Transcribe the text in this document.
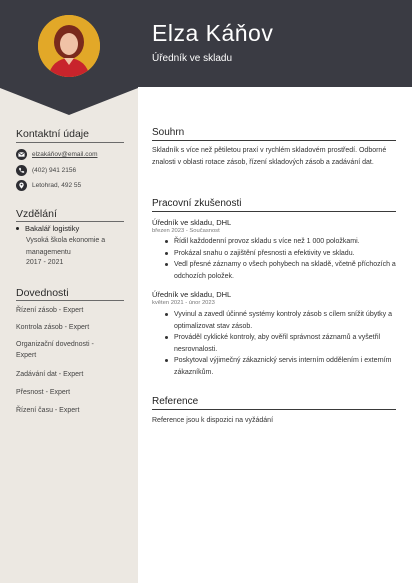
Elza Káňov
Úředník ve skladu
Kontaktní údaje
elzakáňov@email.com
(402) 941 2156
Letohrad, 492 55
Vzdělání
Bakalář logistiky
Vysoká škola ekonomie a managementu
2017 - 2021
Dovednosti
Řízení zásob - Expert
Kontrola zásob - Expert
Organizační dovednosti - Expert
Zadávání dat - Expert
Přesnost - Expert
Řízení času - Expert
Souhrn
Skladník s více než pětiletou praxí v rychlém skladovém prostředí. Odborné znalosti v oblasti rotace zásob, řízení skladových zásob a zadávání dat.
Pracovní zkušenosti
Úředník ve skladu, DHL
březen 2023 - Současnost
Řídil každodenní provoz skladu s více než 1 000 položkami.
Prokázal snahu o zajištění přesnosti a efektivity ve skladu.
Vedl přesné záznamy o všech pohybech na skladě, včetně příchozích a odchozích položek.
Úředník ve skladu, DHL
květen 2021 - únor 2023
Vyvinul a zavedl účinné systémy kontroly zásob s cílem snížit úbytky a optimalizovat stav zásob.
Prováděl cyklické kontroly, aby ověřil správnost záznamů a vyšetřil nesrovnalosti.
Poskytoval výjimečný zákaznický servis interním oddělením i externím zákazníkům.
Reference
Reference jsou k dispozici na vyžádání
